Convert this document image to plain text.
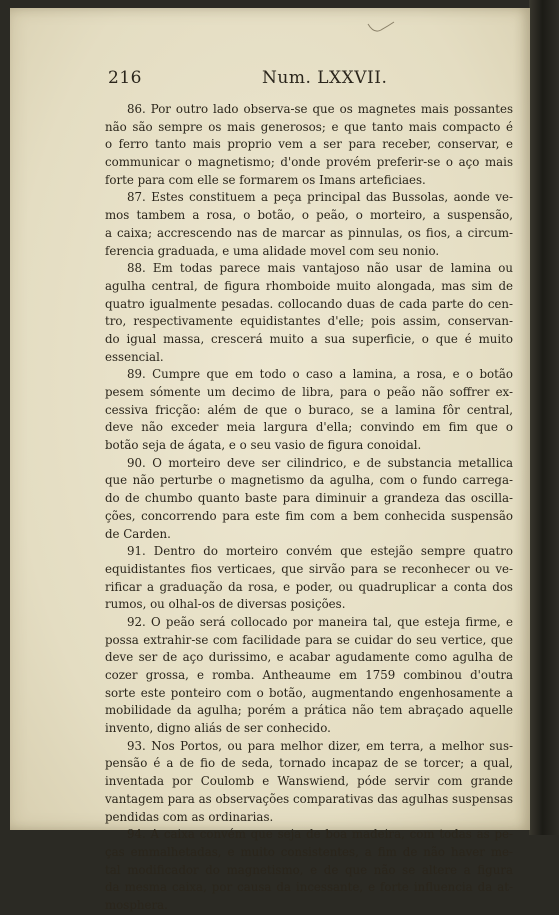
216	Num. LXXVII.
86. Por outro lado observa-se que os magnetes mais possantes
não são sempre os mais generosos; e que tanto mais compacto é
o ferro tanto mais proprio vem a ser para receber, conservar, e
communicar o magnetismo; d'onde provém preferir-se o aço mais
forte para com elle se formarem os Imans arteficiaes.
87. Estes constituem a peça principal das Bussolas, aonde ve-
mos tambem a rosa, o botão, o peão, o morteiro, a suspensão,
a caixa; accrescendo nas de marcar as pinnulas, os fios, a circum-
ferencia graduada, e uma alidade movel com seu nonio.
88. Em todas parece mais vantajoso não usar de lamina ou
agulha central, de figura rhomboide muito alongada, mas sim de
quatro igualmente pesadas. collocando duas de cada parte do cen-
tro, respectivamente equidistantes d'elle; pois assim, conservan-
do igual massa, crescerá muito a sua superficie, o que é muito
essencial.
89. Cumpre que em todo o caso a lamina, a rosa, e o botão
pesem sómente um decimo de libra, para o peão não soffrer ex-
cessiva fricção: além de que o buraco, se a lamina fôr central,
deve não exceder meia largura d'ella; convindo em fim que o
botão seja de ágata, e o seu vasio de figura conoidal.
90. O morteiro deve ser cilindrico, e de substancia metallica
que não perturbe o magnetismo da agulha, com o fundo carrega-
do de chumbo quanto baste para diminuir a grandeza das oscilla-
ções, concorrendo para este fim com a bem conhecida suspensão
de Carden.
91. Dentro do morteiro convém que estejão sempre quatro
equidistantes fios verticaes, que sirvão para se reconhecer ou ve-
rificar a graduação da rosa, e poder, ou quadruplicar a conta dos
rumos, ou olhal-os de diversas posições.
92. O peão será collocado por maneira tal, que esteja firme, e
possa extrahir-se com facilidade para se cuidar do seu vertice, que
deve ser de aço durissimo, e acabar agudamente como agulha de
cozer grossa, e romba. Antheaume em 1759 combinou d'outra
sorte este ponteiro com o botão, augmentando engenhosamente a
mobilidade da agulha; porém a prática não tem abraçado aquelle
invento, digno aliás de ser conhecido.
93. Nos Portos, ou para melhor dizer, em terra, a melhor sus-
pensão é a de fio de seda, tornado incapaz de se torcer; a qual,
inventada por Coulomb e Wanswiend, póde servir com grande
vantagem para as observações comparativas das agulhas suspensas
pendidas com as ordinarias.
94. A caixa convém que seja de boa madeira, com todas as pe-
ças emmalhetadas, e muito consistentes, a fim de não haver me-
tal modificador do magnetismo, e de que não se altere a figura
da mesma caixa, por causa da incessante, e forte influencia da at-
mosphera.
